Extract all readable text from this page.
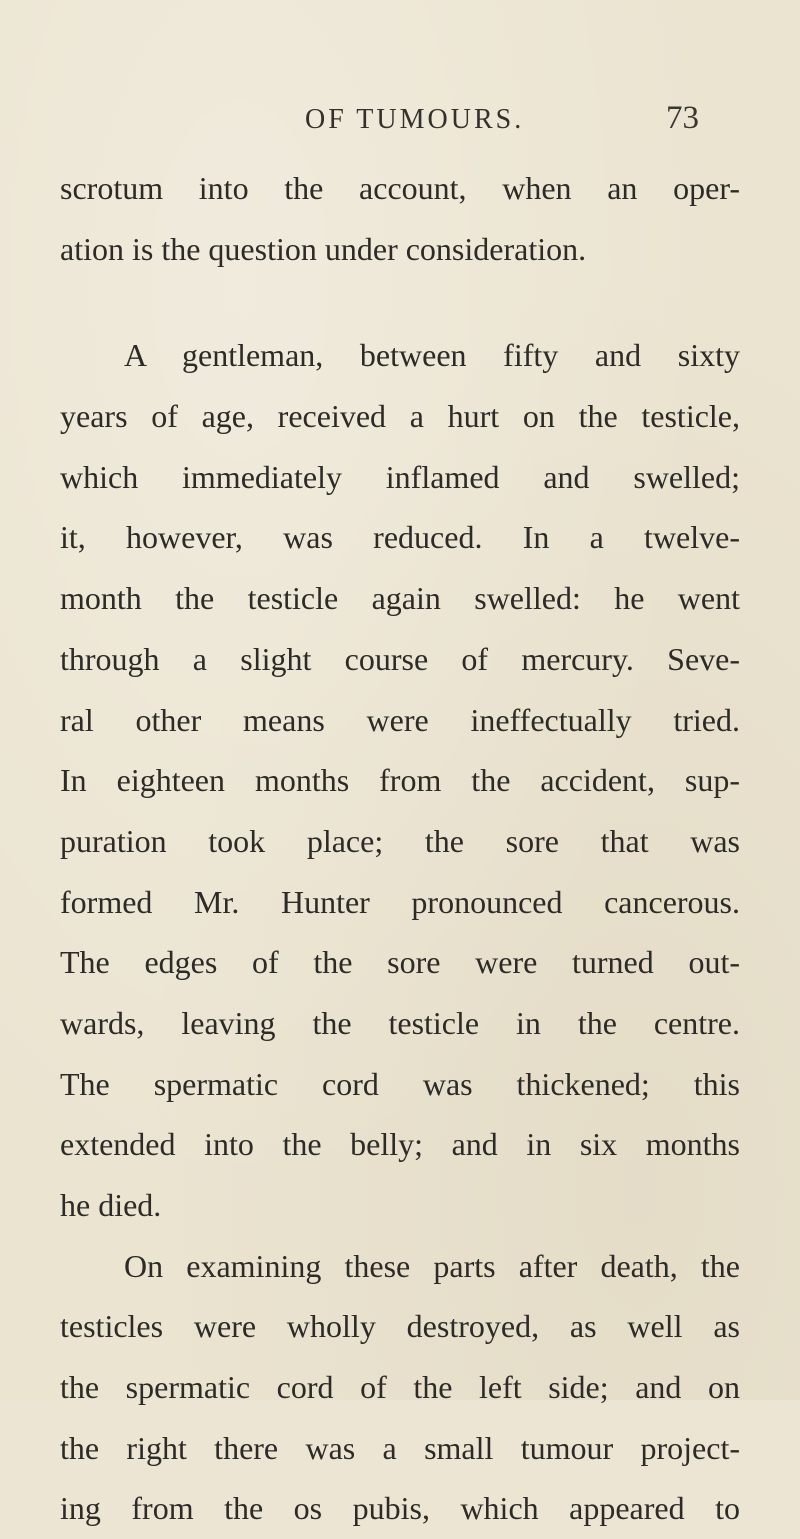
OF TUMOURS.	73
scrotum into the account, when an oper-
ation is the question under consideration.
A gentleman, between fifty and sixty
years of age, received a hurt on the testicle,
which immediately inflamed and swelled;
it, however, was reduced. In a twelve-
month the testicle again swelled: he went
through a slight course of mercury. Seve-
ral other means were ineffectually tried.
In eighteen months from the accident, sup-
puration took place; the sore that was
formed Mr. Hunter pronounced cancerous.
The edges of the sore were turned out-
wards, leaving the testicle in the centre.
The spermatic cord was thickened; this
extended into the belly; and in six months
he died.
On examining these parts after death, the
testicles were wholly destroyed, as well as
the spermatic cord of the left side; and on
the right there was a small tumour project-
ing from the os pubis, which appeared to
